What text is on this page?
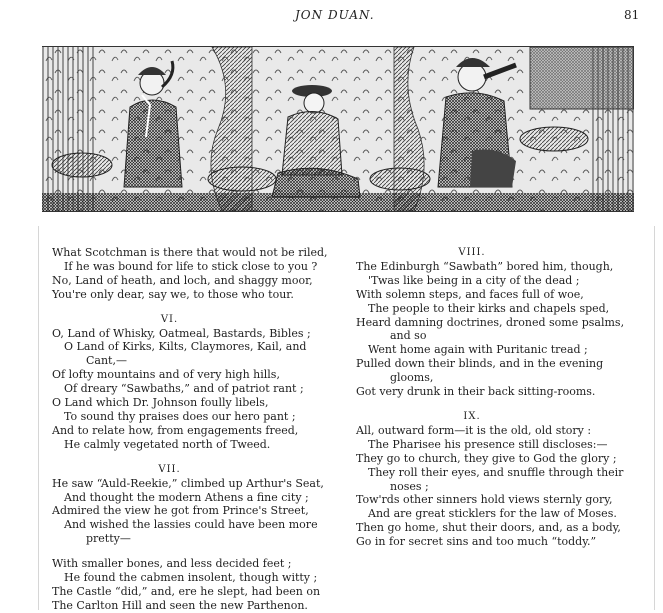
JON DUAN.	81
What Scotchman is there that would not be riled,
If he was bound for life to stick close to you ?
No, Land of heath, and loch, and shaggy moor,
You're only dear, say we, to those who tour.
VI.
O, Land of Whisky, Oatmeal, Bastards, Bibles ;
O Land of Kirks, Kilts, Claymores, Kail, and
Cant,—
Of lofty mountains and of very high hills,
Of dreary “Sawbaths,” and of patriot rant ;
O Land which Dr. Johnson foully libels,
To sound thy praises does our hero pant ;
And to relate how, from engagements freed,
He calmly vegetated north of Tweed.
VII.
He saw “Auld-Reekie,” climbed up Arthur's Seat,
And thought the modern Athens a fine city ;
Admired the view he got from Prince's Street,
And wished the lassies could have been more
pretty—
With smaller bones, and less decided feet ;
He found the cabmen insolent, though witty ;
The Castle “did,” and, ere he slept, had been on
The Carlton Hill and seen the new Parthenon.
VIII.
The Edinburgh “Sawbath” bored him, though,
'Twas like being in a city of the dead ;
With solemn steps, and faces full of woe,
The people to their kirks and chapels sped,
Heard damning doctrines, droned some psalms,
and so
Went home again with Puritanic tread ;
Pulled down their blinds, and in the evening
glooms,
Got very drunk in their back sitting-rooms.
IX.
All, outward form—it is the old, old story :
The Pharisee his presence still discloses:—
They go to church, they give to God the glory ;
They roll their eyes, and snuffle through their
noses ;
Tow'rds other sinners hold views sternly gory,
And are great sticklers for the law of Moses.
Then go home, shut their doors, and, as a body,
Go in for secret sins and too much “toddy.”
